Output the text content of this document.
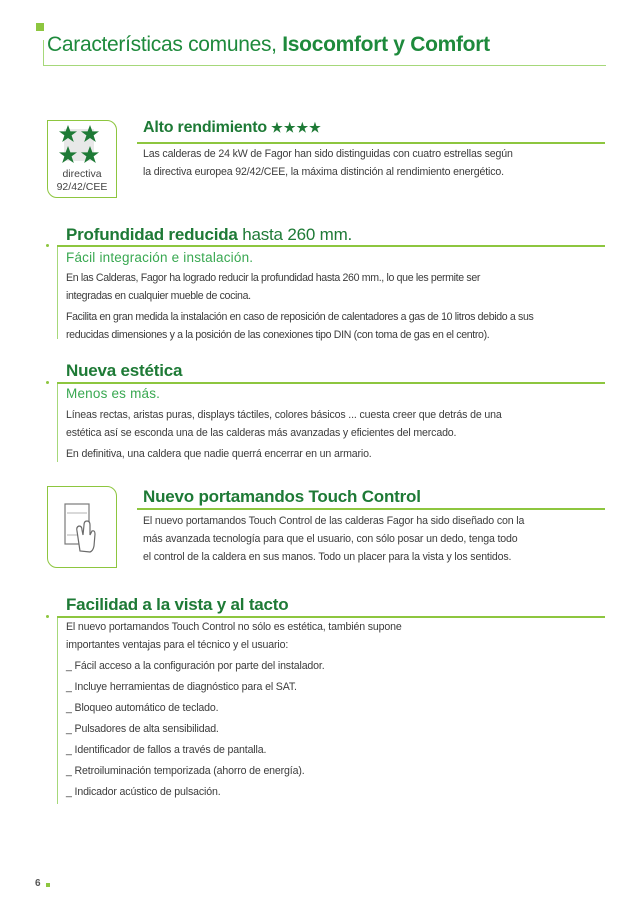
Características comunes, Isocomfort y Comfort
directiva
92/42/CEE
Alto rendimiento ★★★★

Las calderas de 24 kW de Fagor han sido distinguidas con cuatro estrellas según

la directiva europea 92/42/CEE, la máxima distinción al rendimiento energético.

Profundidad reducida hasta 260 mm.
Fácil integración e instalación.

En las Calderas, Fagor ha logrado reducir la profundidad hasta 260 mm., lo que les permite ser

integradas en cualquier mueble de cocina.

Facilita en gran medida la instalación en caso de reposición de calentadores a gas de 10 litros debido a sus

reducidas dimensiones y a la posición de las conexiones tipo DIN (con toma de gas en el centro).

Nueva estética
Menos es más.

Líneas rectas, aristas puras, displays táctiles, colores básicos ... cuesta creer que detrás de una

estética así se esconda una de las calderas más avanzadas y eficientes del mercado.

En definitiva, una caldera que nadie querrá encerrar en un armario.

Nuevo portamandos Touch Control

El nuevo portamandos Touch Control de las calderas Fagor ha sido diseñado con la

más avanzada tecnología para que el usuario, con sólo posar un dedo, tenga todo

el control de la caldera en sus manos. Todo un placer para la vista y los sentidos.

Facilidad a la vista y al tacto

El nuevo portamandos Touch Control no sólo es estética, también supone

importantes ventajas para el técnico y el usuario:

_ Fácil acceso a la configuración por parte del instalador.

_ Incluye herramientas de diagnóstico para el SAT.

_ Bloqueo automático de teclado.

_ Pulsadores de alta sensibilidad.

_ Identificador de fallos a través de pantalla.

_ Retroiluminación temporizada (ahorro de energía).

_ Indicador acústico de pulsación.

6
